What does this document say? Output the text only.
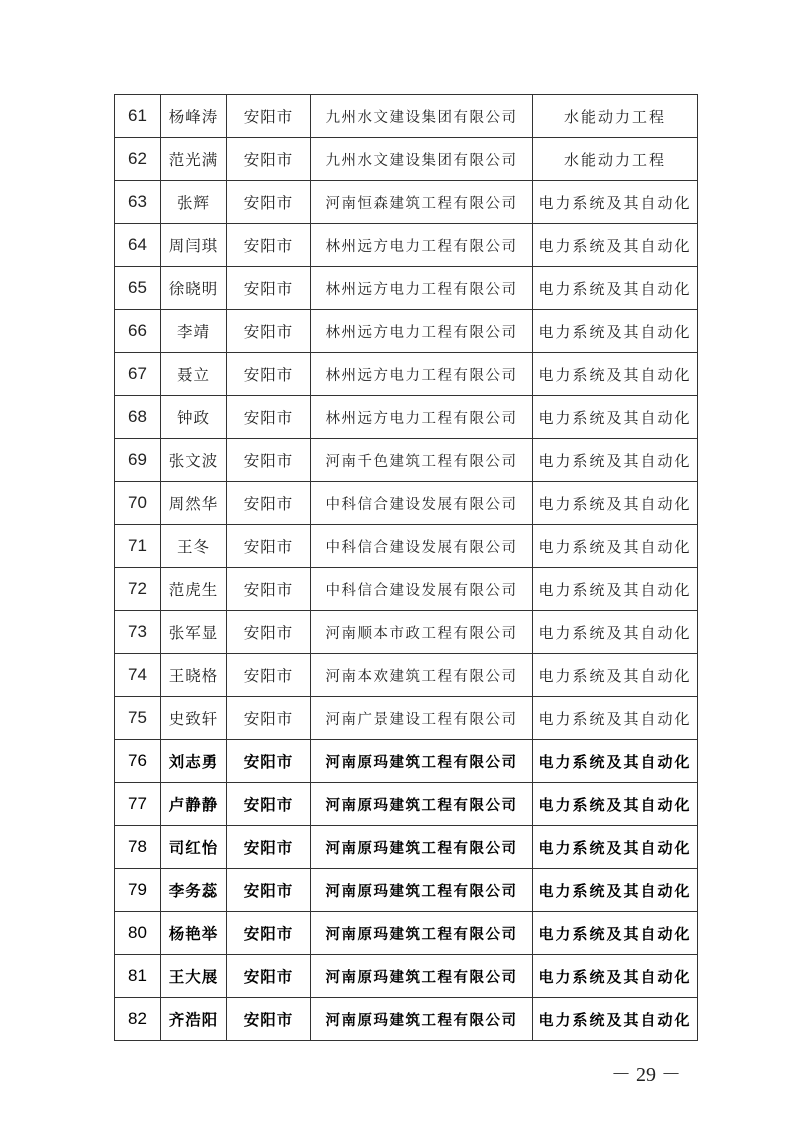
61	杨峰涛	安阳市	九州水文建设集团有限公司	水能动力工程
62	范光满	安阳市	九州水文建设集团有限公司	水能动力工程
63	张辉	安阳市	河南恒森建筑工程有限公司	电力系统及其自动化
64	周闫琪	安阳市	林州远方电力工程有限公司	电力系统及其自动化
65	徐晓明	安阳市	林州远方电力工程有限公司	电力系统及其自动化
66	李靖	安阳市	林州远方电力工程有限公司	电力系统及其自动化
67	聂立	安阳市	林州远方电力工程有限公司	电力系统及其自动化
68	钟政	安阳市	林州远方电力工程有限公司	电力系统及其自动化
69	张文波	安阳市	河南千色建筑工程有限公司	电力系统及其自动化
70	周然华	安阳市	中科信合建设发展有限公司	电力系统及其自动化
71	王冬	安阳市	中科信合建设发展有限公司	电力系统及其自动化
72	范虎生	安阳市	中科信合建设发展有限公司	电力系统及其自动化
73	张军显	安阳市	河南顺本市政工程有限公司	电力系统及其自动化
74	王晓格	安阳市	河南本欢建筑工程有限公司	电力系统及其自动化
75	史致轩	安阳市	河南广景建设工程有限公司	电力系统及其自动化
76	刘志勇	安阳市	河南原玛建筑工程有限公司	电力系统及其自动化
77	卢静静	安阳市	河南原玛建筑工程有限公司	电力系统及其自动化
78	司红怡	安阳市	河南原玛建筑工程有限公司	电力系统及其自动化
79	李务蕊	安阳市	河南原玛建筑工程有限公司	电力系统及其自动化
80	杨艳举	安阳市	河南原玛建筑工程有限公司	电力系统及其自动化
81	王大展	安阳市	河南原玛建筑工程有限公司	电力系统及其自动化
82	齐浩阳	安阳市	河南原玛建筑工程有限公司	电力系统及其自动化
－ 29 －
